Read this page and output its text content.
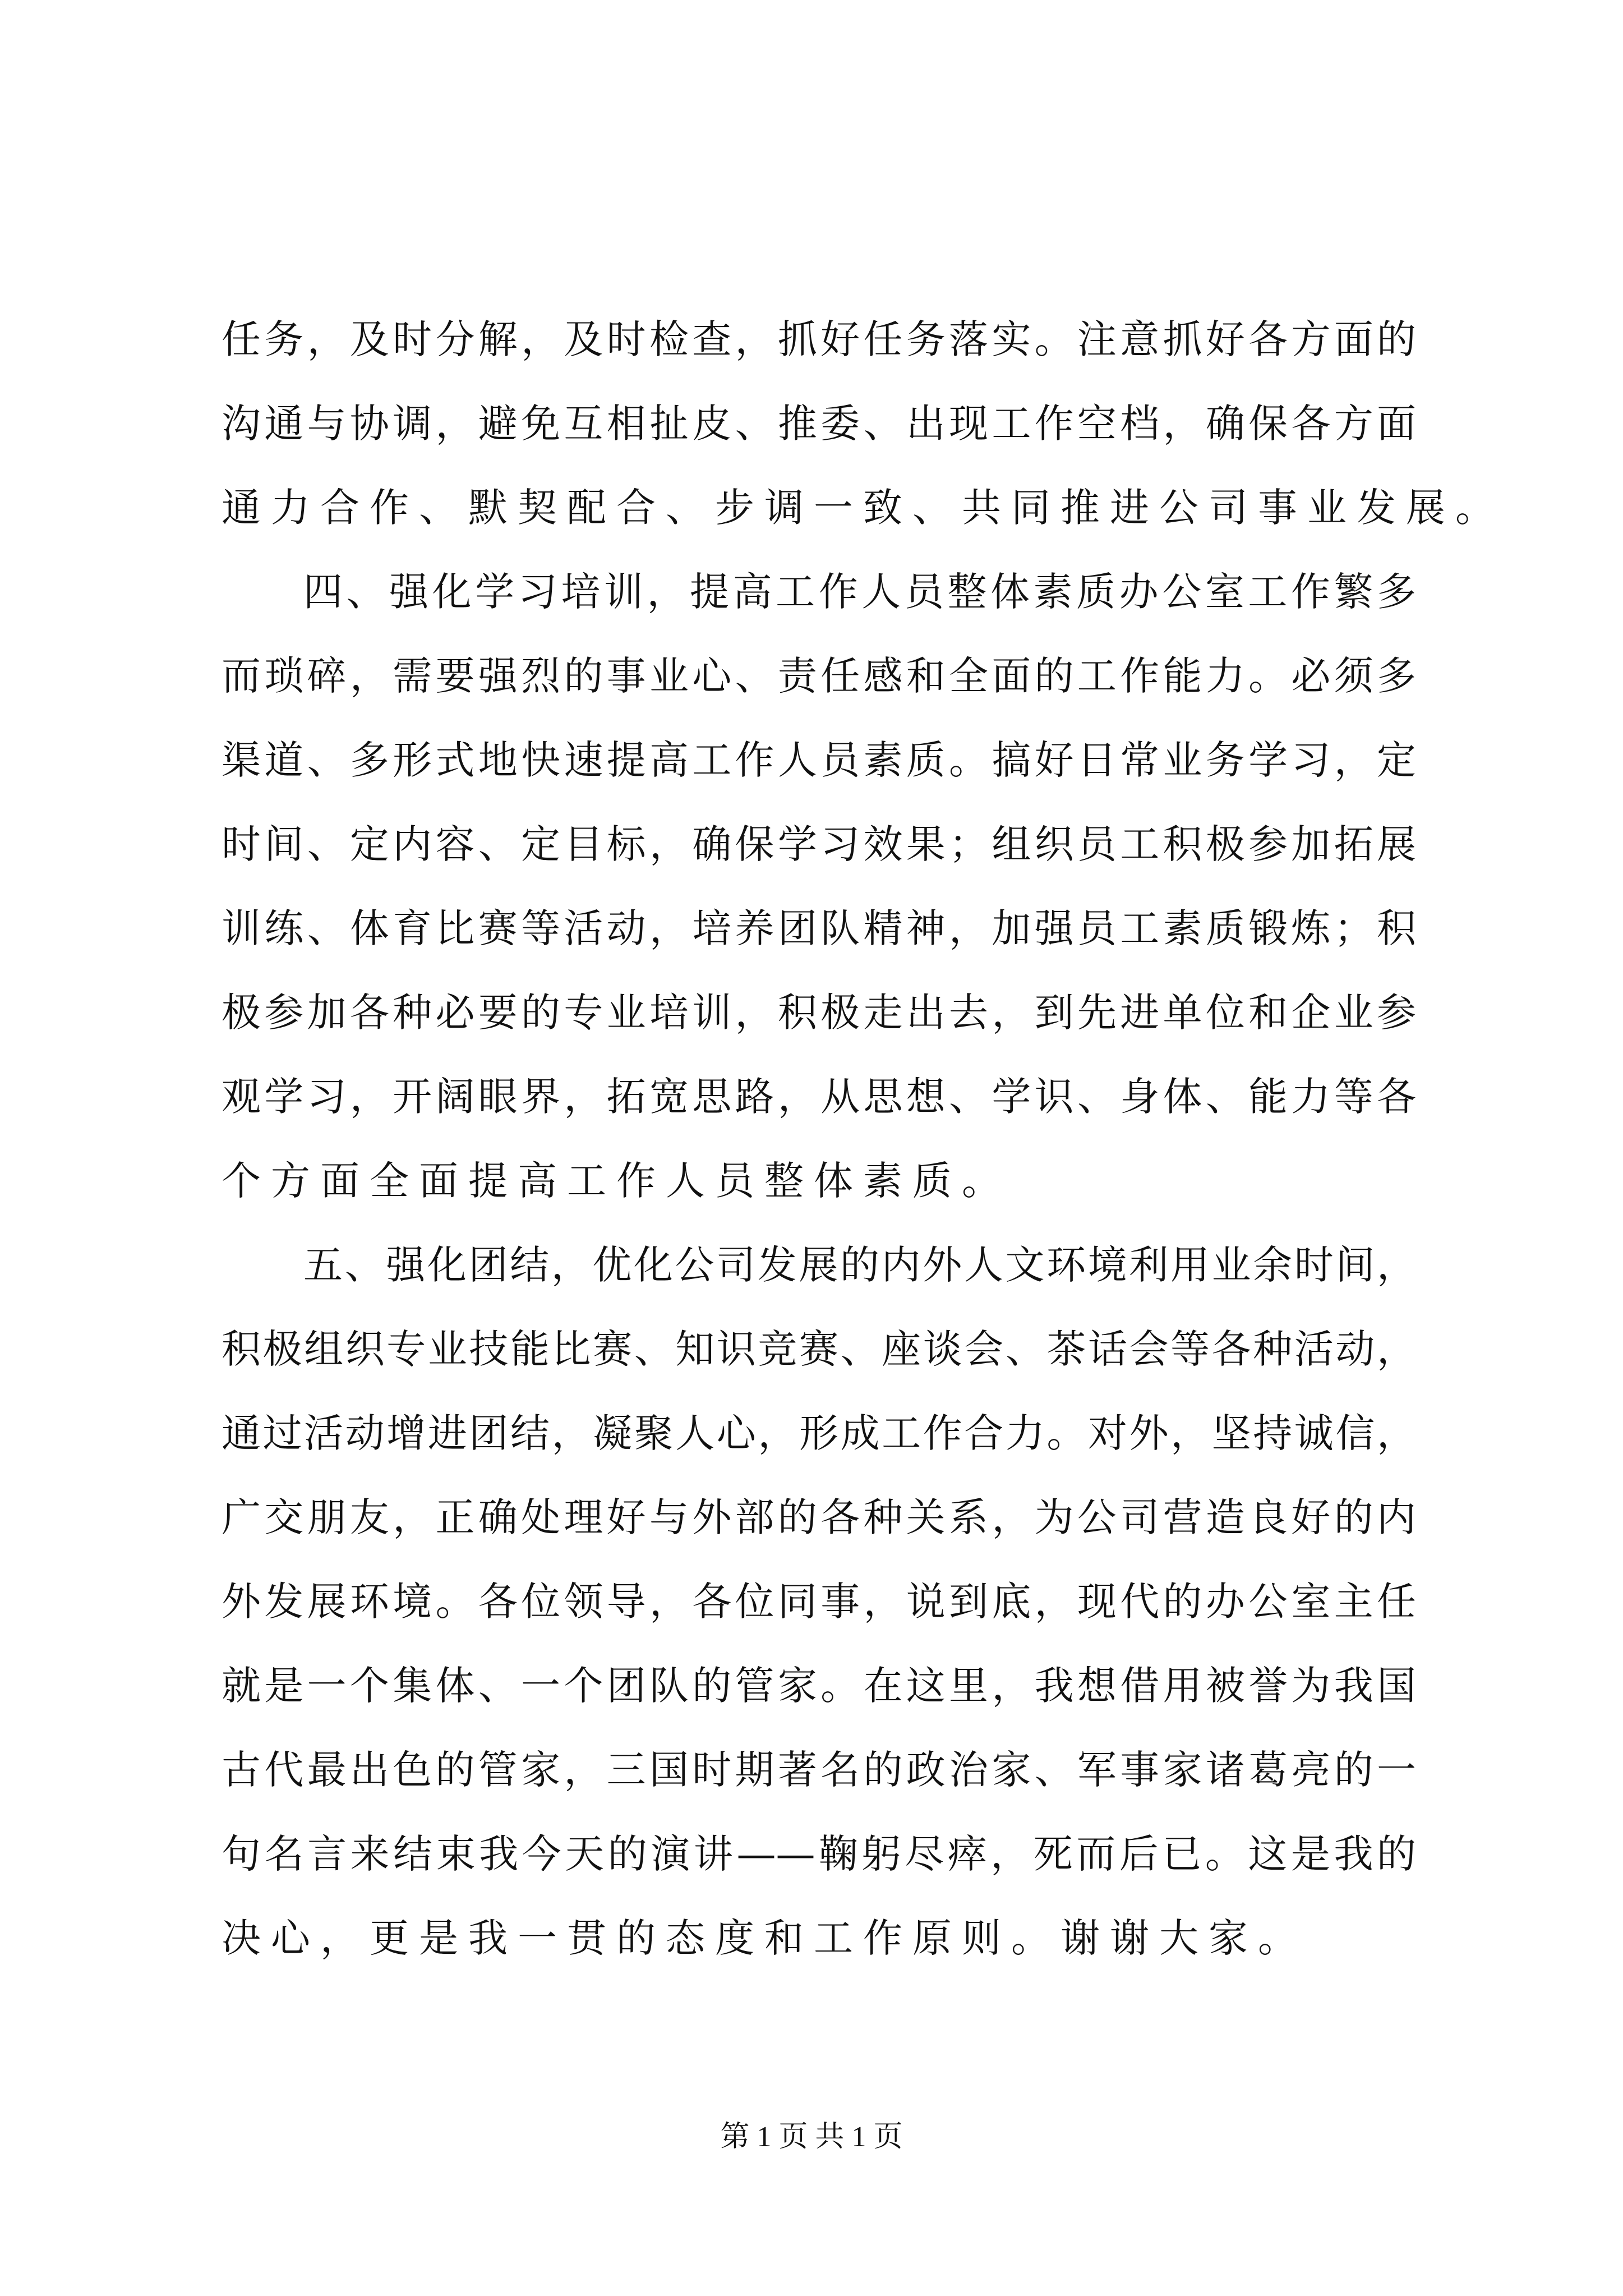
任务，及时分解，及时检查，抓好任务落实。注意抓好各方面的

沟通与协调，避免互相扯皮、推委、出现工作空档，确保各方面

通力合作、默契配合、步调一致、共同推进公司事业发展。

四、强化学习培训，提高工作人员整体素质办公室工作繁多

而琐碎，需要强烈的事业心、责任感和全面的工作能力。必须多

渠道、多形式地快速提高工作人员素质。搞好日常业务学习，定

时间、定内容、定目标，确保学习效果；组织员工积极参加拓展

训练、体育比赛等活动，培养团队精神，加强员工素质锻炼；积

极参加各种必要的专业培训，积极走出去，到先进单位和企业参

观学习，开阔眼界，拓宽思路，从思想、学识、身体、能力等各

个方面全面提高工作人员整体素质。

五、强化团结，优化公司发展的内外人文环境利用业余时间，

积极组织专业技能比赛、知识竞赛、座谈会、茶话会等各种活动，

通过活动增进团结，凝聚人心，形成工作合力。对外，坚持诚信，

广交朋友，正确处理好与外部的各种关系，为公司营造良好的内

外发展环境。各位领导，各位同事，说到底，现代的办公室主任

就是一个集体、一个团队的管家。在这里，我想借用被誉为我国

古代最出色的管家，三国时期著名的政治家、军事家诸葛亮的一

句名言来结束我今天的演讲——鞠躬尽瘁，死而后已。这是我的

决心，更是我一贯的态度和工作原则。谢谢大家。

第 1 页 共 1 页
